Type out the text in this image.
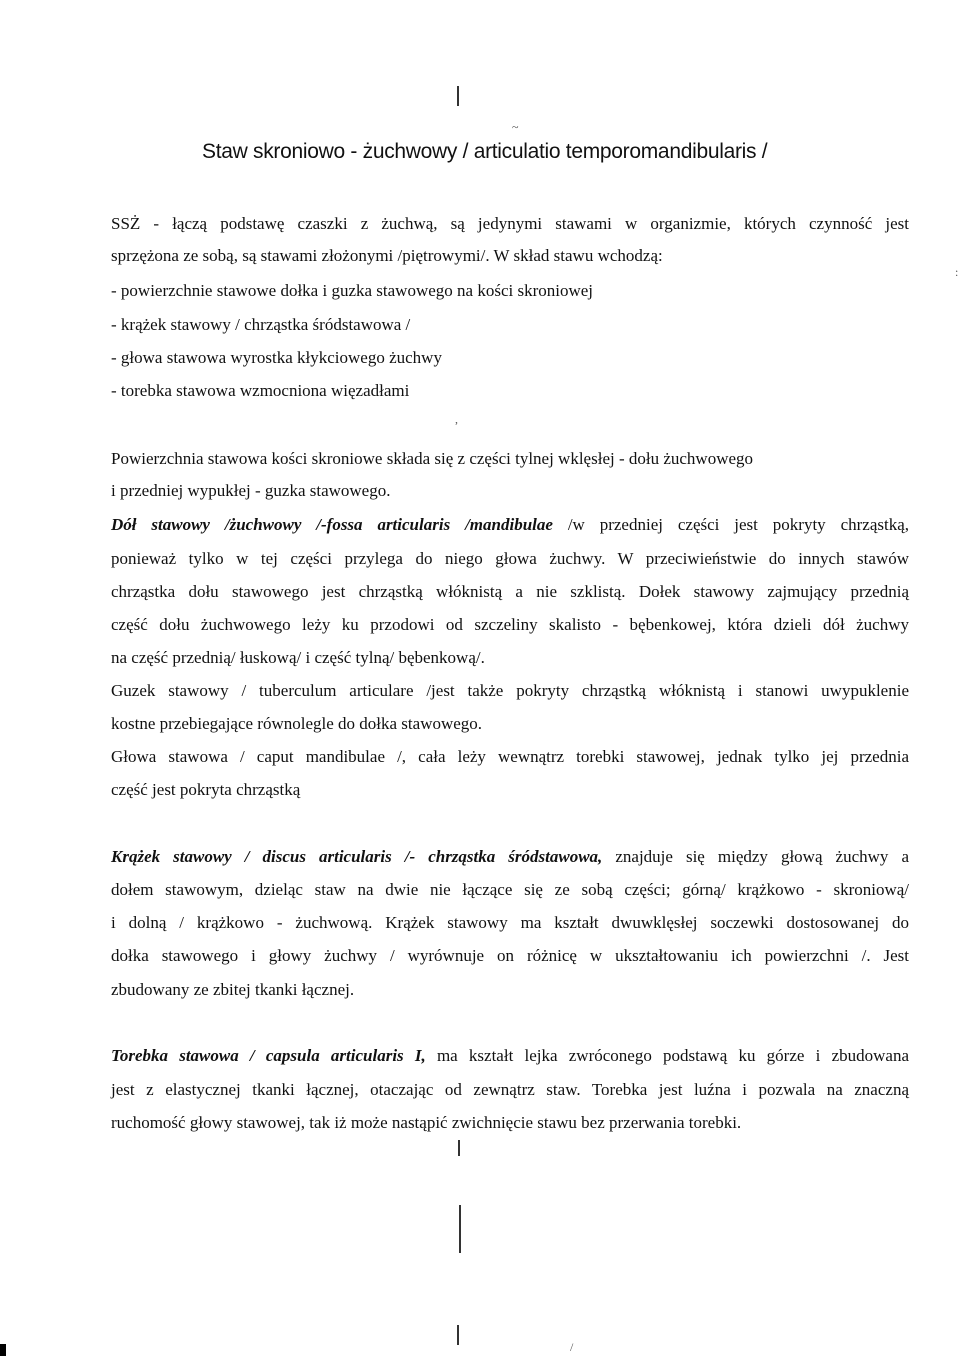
Staw skroniowo - żuchwowy / articulatio temporomandibularis /
SSŻ - łączą podstawę czaszki z żuchwą, są jedynymi stawami w organizmie, których czynność jest
sprzężona ze sobą, są stawami złożonymi /piętrowymi/. W skład stawu wchodzą:
- powierzchnie stawowe dołka i guzka stawowego na kości skroniowej
- krążek stawowy / chrząstka śródstawowa /
- głowa stawowa wyrostka kłykciowego żuchwy
- torebka stawowa wzmocniona więzadłami
Powierzchnia stawowa kości skroniowe składa się z części tylnej wklęsłej - dołu żuchwowego
i przedniej wypukłej - guzka stawowego.
Dół stawowy /żuchwowy /-fossa articularis /mandibulae /w przedniej części jest pokryty chrząstką,
ponieważ tylko w tej części przylega do niego głowa żuchwy. W przeciwieństwie do innych stawów
chrząstka dołu stawowego jest chrząstką włóknistą a nie szklistą. Dołek stawowy zajmujący przednią
część dołu żuchwowego leży ku przodowi od szczeliny skalisto - bębenkowej, która dzieli dół żuchwy
na część przednią/ łuskową/ i część tylną/ bębenkową/.
Guzek stawowy / tuberculum articulare /jest także pokryty chrząstką włóknistą i stanowi uwypuklenie
kostne przebiegające równolegle do dołka stawowego.
Głowa stawowa / caput mandibulae /, cała leży wewnątrz torebki stawowej, jednak tylko jej przednia
część jest pokryta chrząstką
Krążek stawowy / discus articularis /- chrząstka śródstawowa, znajduje się między głową żuchwy a
dołem stawowym, dzieląc staw na dwie nie łączące się ze sobą części; górną/ krążkowo - skroniową/
i dolną / krążkowo - żuchwową. Krążek stawowy ma kształt dwuwklęsłej soczewki dostosowanej do
dołka stawowego i głowy żuchwy / wyrównuje on różnicę w ukształtowaniu ich powierzchni /. Jest
zbudowany ze zbitej tkanki łącznej.
Torebka stawowa / capsula articularis I, ma kształt lejka zwróconego podstawą ku górze i zbudowana
jest z elastycznej tkanki łącznej, otaczając od zewnątrz staw. Torebka jest luźna i pozwala na znaczną
ruchomość głowy stawowej, tak iż może nastąpić zwichnięcie stawu bez przerwania torebki.
~
,
:
/
